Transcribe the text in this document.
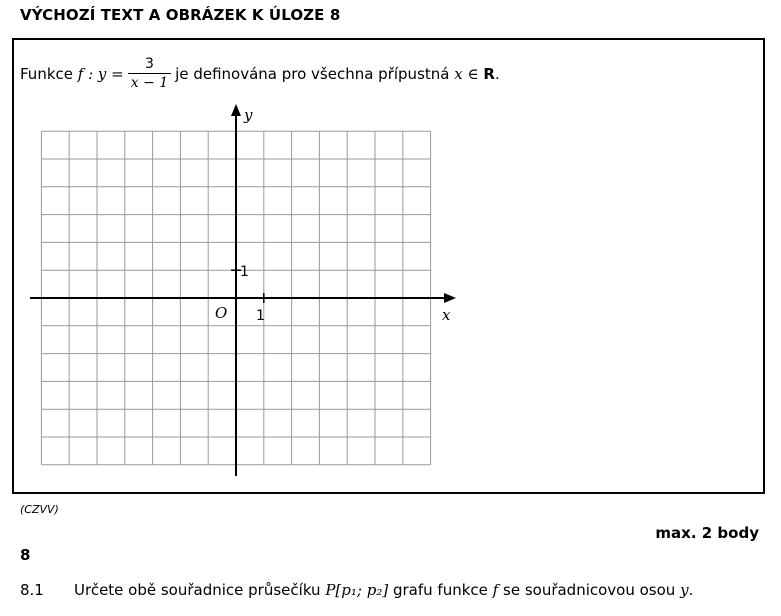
VÝCHOZÍ TEXT A OBRÁZEK K ÚLOZE 8
Funkce
f : $y = \frac{3}{x - 1}$ je definována pro všechna přípustná
x ∈
R .
y
x
O 1
1
(CZVV)
max. 2 body
8
8.1 Určete obě souřadnice průsečíku P[p₁; p₂] grafu funkce f se souřadnicovou osou y.
